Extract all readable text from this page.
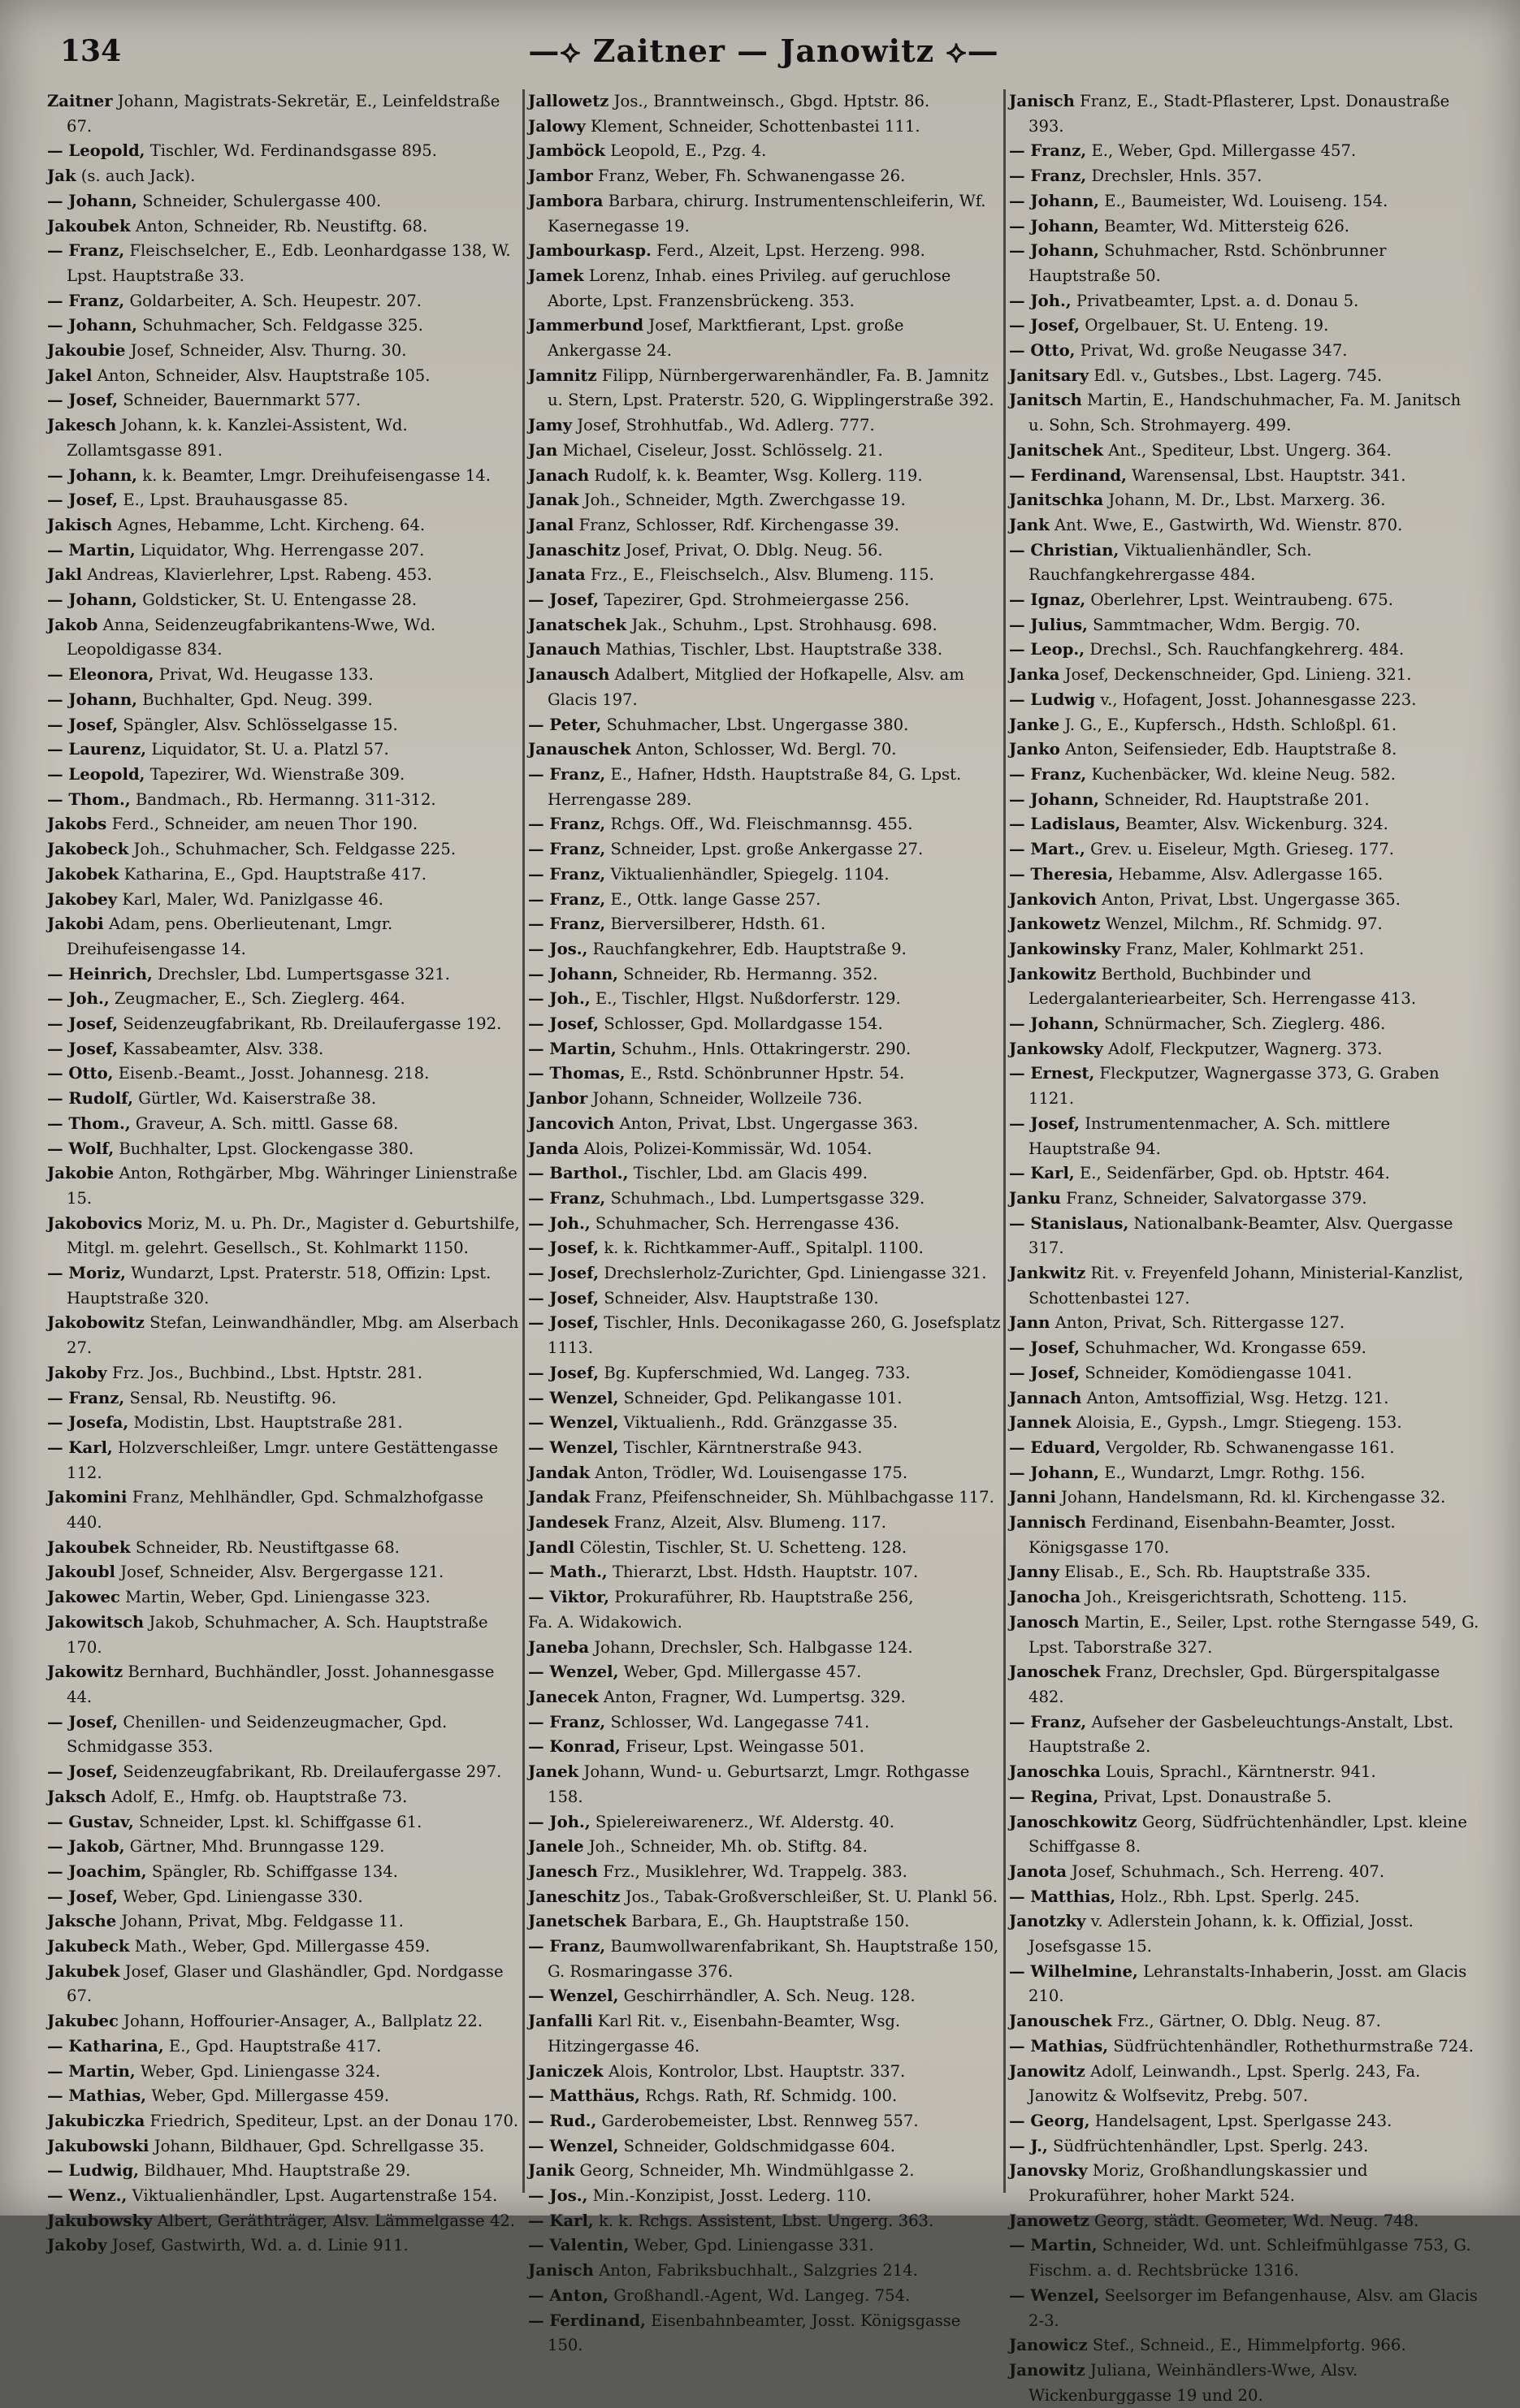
134	—⟡ Zaitner — Janowitz ⟡—

Zaitner Johann, Magistrats-Sekretär, E., Leinfeldstraße 67.

— Leopold, Tischler, Wd. Ferdinandsgasse 895.

Jak (s. auch Jack).

— Johann, Schneider, Schulergasse 400.

Jakoubek Anton, Schneider, Rb. Neustiftg. 68.

— Franz, Fleischselcher, E., Edb. Leonhardgasse 138, W. Lpst. Hauptstraße 33.

— Franz, Goldarbeiter, A. Sch. Heupestr. 207.

— Johann, Schuhmacher, Sch. Feldgasse 325.

Jakoubie Josef, Schneider, Alsv. Thurng. 30.

Jakel Anton, Schneider, Alsv. Hauptstraße 105.

— Josef, Schneider, Bauernmarkt 577.

Jakesch Johann, k. k. Kanzlei-Assistent, Wd. Zollamtsgasse 891.

— Johann, k. k. Beamter, Lmgr. Dreihufeisengasse 14.

— Josef, E., Lpst. Brauhausgasse 85.

Jakisch Agnes, Hebamme, Lcht. Kircheng. 64.

— Martin, Liquidator, Whg. Herrengasse 207.

Jakl Andreas, Klavierlehrer, Lpst. Rabeng. 453.

— Johann, Goldsticker, St. U. Entengasse 28.

Jakob Anna, Seidenzeugfabrikantens-Wwe, Wd. Leopoldigasse 834.

— Eleonora, Privat, Wd. Heugasse 133.

— Johann, Buchhalter, Gpd. Neug. 399.

— Josef, Spängler, Alsv. Schlösselgasse 15.

— Laurenz, Liquidator, St. U. a. Platzl 57.

— Leopold, Tapezirer, Wd. Wienstraße 309.

— Thom., Bandmach., Rb. Hermanng. 311-312.

Jakobs Ferd., Schneider, am neuen Thor 190.

Jakobeck Joh., Schuhmacher, Sch. Feldgasse 225.

Jakobek Katharina, E., Gpd. Hauptstraße 417.

Jakobey Karl, Maler, Wd. Panizlgasse 46.

Jakobi Adam, pens. Oberlieutenant, Lmgr. Dreihufeisengasse 14.

— Heinrich, Drechsler, Lbd. Lumpertsgasse 321.

— Joh., Zeugmacher, E., Sch. Zieglerg. 464.

— Josef, Seidenzeugfabrikant, Rb. Dreilaufergasse 192.

— Josef, Kassabeamter, Alsv. 338.

— Otto, Eisenb.-Beamt., Josst. Johannesg. 218.

— Rudolf, Gürtler, Wd. Kaiserstraße 38.

— Thom., Graveur, A. Sch. mittl. Gasse 68.

— Wolf, Buchhalter, Lpst. Glockengasse 380.

Jakobie Anton, Rothgärber, Mbg. Währinger Linienstraße 15.

Jakobovics Moriz, M. u. Ph. Dr., Magister d. Geburtshilfe, Mitgl. m. gelehrt. Gesellsch., St. Kohlmarkt 1150.

— Moriz, Wundarzt, Lpst. Praterstr. 518, Offizin: Lpst. Hauptstraße 320.

Jakobowitz Stefan, Leinwandhändler, Mbg. am Alserbach 27.

Jakoby Frz. Jos., Buchbind., Lbst. Hptstr. 281.

— Franz, Sensal, Rb. Neustiftg. 96.

— Josefa, Modistin, Lbst. Hauptstraße 281.

— Karl, Holzverschleißer, Lmgr. untere Gestättengasse 112.

Jakomini Franz, Mehlhändler, Gpd. Schmalzhofgasse 440.

Jakoubek Schneider, Rb. Neustiftgasse 68.

Jakoubl Josef, Schneider, Alsv. Bergergasse 121.

Jakowec Martin, Weber, Gpd. Liniengasse 323.

Jakowitsch Jakob, Schuhmacher, A. Sch. Hauptstraße 170.

Jakowitz Bernhard, Buchhändler, Josst. Johannesgasse 44.

— Josef, Chenillen- und Seidenzeugmacher, Gpd. Schmidgasse 353.

— Josef, Seidenzeugfabrikant, Rb. Dreilaufergasse 297.

Jaksch Adolf, E., Hmfg. ob. Hauptstraße 73.

— Gustav, Schneider, Lpst. kl. Schiffgasse 61.

— Jakob, Gärtner, Mhd. Brunngasse 129.

— Joachim, Spängler, Rb. Schiffgasse 134.

— Josef, Weber, Gpd. Liniengasse 330.

Jaksche Johann, Privat, Mbg. Feldgasse 11.

Jakubeck Math., Weber, Gpd. Millergasse 459.

Jakubek Josef, Glaser und Glashändler, Gpd. Nordgasse 67.

Jakubec Johann, Hoffourier-Ansager, A., Ballplatz 22.

— Katharina, E., Gpd. Hauptstraße 417.

— Martin, Weber, Gpd. Liniengasse 324.

— Mathias, Weber, Gpd. Millergasse 459.

Jakubiczka Friedrich, Spediteur, Lpst. an der Donau 170.

Jakubowski Johann, Bildhauer, Gpd. Schrellgasse 35.

— Ludwig, Bildhauer, Mhd. Hauptstraße 29.

— Wenz., Viktualienhändler, Lpst. Augartenstraße 154.

Jakubowsky Albert, Geräthträger, Alsv. Lämmelgasse 42.

Jakoby Josef, Gastwirth, Wd. a. d. Linie 911.

Jallowetz Jos., Branntweinsch., Gbgd. Hptstr. 86.

Jalowy Klement, Schneider, Schottenbastei 111.

Jamböck Leopold, E., Pzg. 4.

Jambor Franz, Weber, Fh. Schwanengasse 26.

Jambora Barbara, chirurg. Instrumentenschleiferin, Wf. Kasernegasse 19.

Jambourkasp. Ferd., Alzeit, Lpst. Herzeng. 998.

Jamek Lorenz, Inhab. eines Privileg. auf geruchlose Aborte, Lpst. Franzensbrückeng. 353.

Jammerbund Josef, Marktfierant, Lpst. große Ankergasse 24.

Jamnitz Filipp, Nürnbergerwarenhändler, Fa. B. Jamnitz u. Stern, Lpst. Praterstr. 520, G. Wipplingerstraße 392.

Jamy Josef, Strohhutfab., Wd. Adlerg. 777.

Jan Michael, Ciseleur, Josst. Schlösselg. 21.

Janach Rudolf, k. k. Beamter, Wsg. Kollerg. 119.

Janak Joh., Schneider, Mgth. Zwerchgasse 19.

Janal Franz, Schlosser, Rdf. Kirchengasse 39.

Janaschitz Josef, Privat, O. Dblg. Neug. 56.

Janata Frz., E., Fleischselch., Alsv. Blumeng. 115.

— Josef, Tapezirer, Gpd. Strohmeiergasse 256.

Janatschek Jak., Schuhm., Lpst. Strohhausg. 698.

Janauch Mathias, Tischler, Lbst. Hauptstraße 338.

Janausch Adalbert, Mitglied der Hofkapelle, Alsv. am Glacis 197.

— Peter, Schuhmacher, Lbst. Ungergasse 380.

Janauschek Anton, Schlosser, Wd. Bergl. 70.

— Franz, E., Hafner, Hdsth. Hauptstraße 84, G. Lpst. Herrengasse 289.

— Franz, Rchgs. Off., Wd. Fleischmannsg. 455.

— Franz, Schneider, Lpst. große Ankergasse 27.

— Franz, Viktualienhändler, Spiegelg. 1104.

— Franz, E., Ottk. lange Gasse 257.

— Franz, Bierversilberer, Hdsth. 61.

— Jos., Rauchfangkehrer, Edb. Hauptstraße 9.

— Johann, Schneider, Rb. Hermanng. 352.

— Joh., E., Tischler, Hlgst. Nußdorferstr. 129.

— Josef, Schlosser, Gpd. Mollardgasse 154.

— Martin, Schuhm., Hnls. Ottakringerstr. 290.

— Thomas, E., Rstd. Schönbrunner Hpstr. 54.

Janbor Johann, Schneider, Wollzeile 736.

Jancovich Anton, Privat, Lbst. Ungergasse 363.

Janda Alois, Polizei-Kommissär, Wd. 1054.

— Barthol., Tischler, Lbd. am Glacis 499.

— Franz, Schuhmach., Lbd. Lumpertsgasse 329.

— Joh., Schuhmacher, Sch. Herrengasse 436.

— Josef, k. k. Richtkammer-Auff., Spitalpl. 1100.

— Josef, Drechslerholz-Zurichter, Gpd. Liniengasse 321.

— Josef, Schneider, Alsv. Hauptstraße 130.

— Josef, Tischler, Hnls. Deconikagasse 260, G. Josefsplatz 1113.

— Josef, Bg. Kupferschmied, Wd. Langeg. 733.

— Wenzel, Schneider, Gpd. Pelikangasse 101.

— Wenzel, Viktualienh., Rdd. Gränzgasse 35.

— Wenzel, Tischler, Kärntnerstraße 943.

Jandak Anton, Trödler, Wd. Louisengasse 175.

Jandak Franz, Pfeifenschneider, Sh. Mühlbachgasse 117.

Jandesek Franz, Alzeit, Alsv. Blumeng. 117.

Jandl Cölestin, Tischler, St. U. Schetteng. 128.

— Math., Thierarzt, Lbst. Hdsth. Hauptstr. 107.

— Viktor, Prokuraführer, Rb. Hauptstraße 256,

Fa. A. Widakowich.

Janeba Johann, Drechsler, Sch. Halbgasse 124.

— Wenzel, Weber, Gpd. Millergasse 457.

Janecek Anton, Fragner, Wd. Lumpertsg. 329.

— Franz, Schlosser, Wd. Langegasse 741.

— Konrad, Friseur, Lpst. Weingasse 501.

Janek Johann, Wund- u. Geburtsarzt, Lmgr. Rothgasse 158.

— Joh., Spielereiwarenerz., Wf. Alderstg. 40.

Janele Joh., Schneider, Mh. ob. Stiftg. 84.

Janesch Frz., Musiklehrer, Wd. Trappelg. 383.

Janeschitz Jos., Tabak-Großverschleißer, St. U. Plankl 56.

Janetschek Barbara, E., Gh. Hauptstraße 150.

— Franz, Baumwollwarenfabrikant, Sh. Hauptstraße 150, G. Rosmaringasse 376.

— Wenzel, Geschirrhändler, A. Sch. Neug. 128.

Janfalli Karl Rit. v., Eisenbahn-Beamter, Wsg. Hitzingergasse 46.

Janiczek Alois, Kontrolor, Lbst. Hauptstr. 337.

— Matthäus, Rchgs. Rath, Rf. Schmidg. 100.

— Rud., Garderobemeister, Lbst. Rennweg 557.

— Wenzel, Schneider, Goldschmidgasse 604.

Janik Georg, Schneider, Mh. Windmühlgasse 2.

— Jos., Min.-Konzipist, Josst. Lederg. 110.

— Karl, k. k. Rchgs. Assistent, Lbst. Ungerg. 363.

— Valentin, Weber, Gpd. Liniengasse 331.

Janisch Anton, Fabriksbuchhalt., Salzgries 214.

— Anton, Großhandl.-Agent, Wd. Langeg. 754.

— Ferdinand, Eisenbahnbeamter, Josst. Königsgasse 150.

Janisch Franz, E., Stadt-Pflasterer, Lpst. Donaustraße 393.

— Franz, E., Weber, Gpd. Millergasse 457.

— Franz, Drechsler, Hnls. 357.

— Johann, E., Baumeister, Wd. Louiseng. 154.

— Johann, Beamter, Wd. Mittersteig 626.

— Johann, Schuhmacher, Rstd. Schönbrunner Hauptstraße 50.

— Joh., Privatbeamter, Lpst. a. d. Donau 5.

— Josef, Orgelbauer, St. U. Enteng. 19.

— Otto, Privat, Wd. große Neugasse 347.

Janitsary Edl. v., Gutsbes., Lbst. Lagerg. 745.

Janitsch Martin, E., Handschuhmacher, Fa. M. Janitsch u. Sohn, Sch. Strohmayerg. 499.

Janitschek Ant., Spediteur, Lbst. Ungerg. 364.

— Ferdinand, Warensensal, Lbst. Hauptstr. 341.

Janitschka Johann, M. Dr., Lbst. Marxerg. 36.

Jank Ant. Wwe, E., Gastwirth, Wd. Wienstr. 870.

— Christian, Viktualienhändler, Sch. Rauchfangkehrergasse 484.

— Ignaz, Oberlehrer, Lpst. Weintraubeng. 675.

— Julius, Sammtmacher, Wdm. Bergig. 70.

— Leop., Drechsl., Sch. Rauchfangkehrerg. 484.

Janka Josef, Deckenschneider, Gpd. Linieng. 321.

— Ludwig v., Hofagent, Josst. Johannesgasse 223.

Janke J. G., E., Kupfersch., Hdsth. Schloßpl. 61.

Janko Anton, Seifensieder, Edb. Hauptstraße 8.

— Franz, Kuchenbäcker, Wd. kleine Neug. 582.

— Johann, Schneider, Rd. Hauptstraße 201.

— Ladislaus, Beamter, Alsv. Wickenburg. 324.

— Mart., Grev. u. Eiseleur, Mgth. Grieseg. 177.

— Theresia, Hebamme, Alsv. Adlergasse 165.

Jankovich Anton, Privat, Lbst. Ungergasse 365.

Jankowetz Wenzel, Milchm., Rf. Schmidg. 97.

Jankowinsky Franz, Maler, Kohlmarkt 251.

Jankowitz Berthold, Buchbinder und Ledergalanteriearbeiter, Sch. Herrengasse 413.

— Johann, Schnürmacher, Sch. Zieglerg. 486.

Jankowsky Adolf, Fleckputzer, Wagnerg. 373.

— Ernest, Fleckputzer, Wagnergasse 373, G. Graben 1121.

— Josef, Instrumentenmacher, A. Sch. mittlere Hauptstraße 94.

— Karl, E., Seidenfärber, Gpd. ob. Hptstr. 464.

Janku Franz, Schneider, Salvatorgasse 379.

— Stanislaus, Nationalbank-Beamter, Alsv. Quergasse 317.

Jankwitz Rit. v. Freyenfeld Johann, Ministerial-Kanzlist, Schottenbastei 127.

Jann Anton, Privat, Sch. Rittergasse 127.

— Josef, Schuhmacher, Wd. Krongasse 659.

— Josef, Schneider, Komödiengasse 1041.

Jannach Anton, Amtsoffizial, Wsg. Hetzg. 121.

Jannek Aloisia, E., Gypsh., Lmgr. Stiegeng. 153.

— Eduard, Vergolder, Rb. Schwanengasse 161.

— Johann, E., Wundarzt, Lmgr. Rothg. 156.

Janni Johann, Handelsmann, Rd. kl. Kirchengasse 32.

Jannisch Ferdinand, Eisenbahn-Beamter, Josst. Königsgasse 170.

Janny Elisab., E., Sch. Rb. Hauptstraße 335.

Janocha Joh., Kreisgerichtsrath, Schotteng. 115.

Janosch Martin, E., Seiler, Lpst. rothe Sterngasse 549, G. Lpst. Taborstraße 327.

Janoschek Franz, Drechsler, Gpd. Bürgerspitalgasse 482.

— Franz, Aufseher der Gasbeleuchtungs-Anstalt, Lbst. Hauptstraße 2.

Janoschka Louis, Sprachl., Kärntnerstr. 941.

— Regina, Privat, Lpst. Donaustraße 5.

Janoschkowitz Georg, Südfrüchtenhändler, Lpst. kleine Schiffgasse 8.

Janota Josef, Schuhmach., Sch. Herreng. 407.

— Matthias, Holz., Rbh. Lpst. Sperlg. 245.

Janotzky v. Adlerstein Johann, k. k. Offizial, Josst. Josefsgasse 15.

— Wilhelmine, Lehranstalts-Inhaberin, Josst. am Glacis 210.

Janouschek Frz., Gärtner, O. Dblg. Neug. 87.

— Mathias, Südfrüchtenhändler, Rothethurmstraße 724.

Janowitz Adolf, Leinwandh., Lpst. Sperlg. 243, Fa. Janowitz & Wolfsevitz, Prebg. 507.

— Georg, Handelsagent, Lpst. Sperlgasse 243.

— J., Südfrüchtenhändler, Lpst. Sperlg. 243.

Janovsky Moriz, Großhandlungskassier und Prokuraführer, hoher Markt 524.

Janowetz Georg, städt. Geometer, Wd. Neug. 748.

— Martin, Schneider, Wd. unt. Schleifmühlgasse 753, G. Fischm. a. d. Rechtsbrücke 1316.

— Wenzel, Seelsorger im Befangenhause, Alsv. am Glacis 2-3.

Janowicz Stef., Schneid., E., Himmelpfortg. 966.

Janowitz Juliana, Weinhändlers-Wwe, Alsv. Wickenburggasse 19 und 20.
